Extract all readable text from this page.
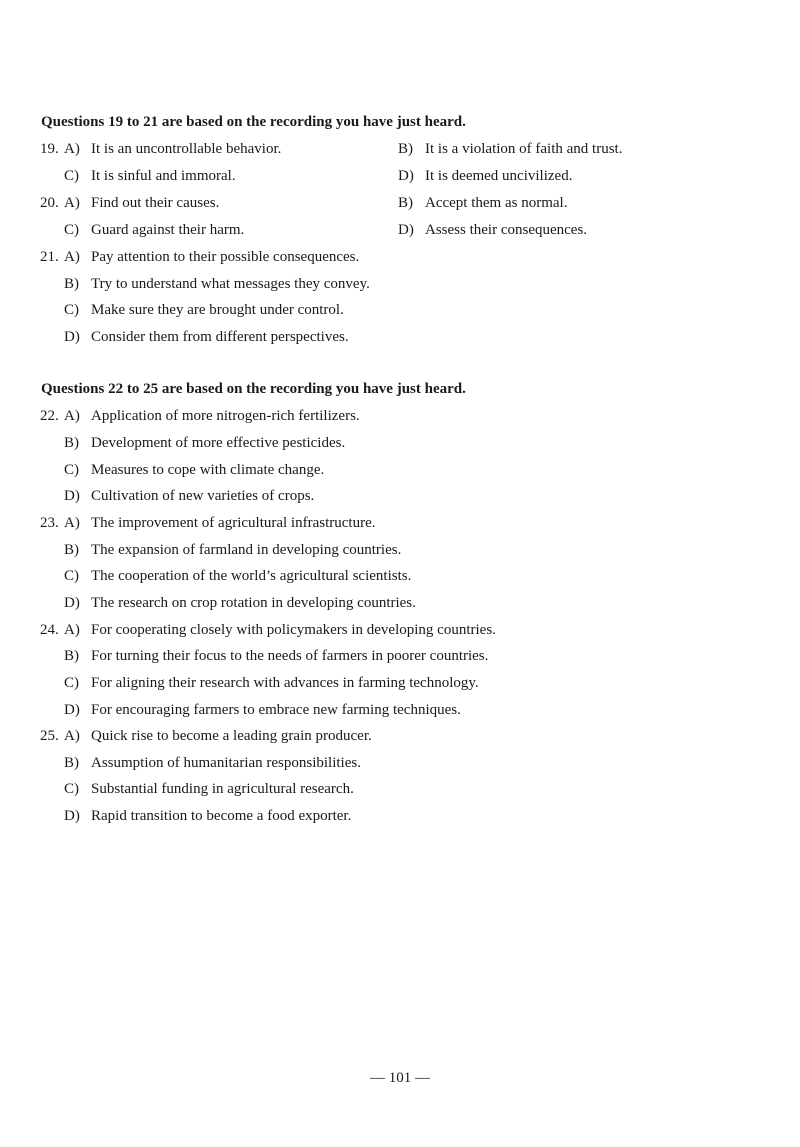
Questions 19 to 21 are based on the recording you have just heard.
19. A) It is an uncontrollable behavior.	B) It is a violation of faith and trust.
C) It is sinful and immoral.	D) It is deemed uncivilized.
20. A) Find out their causes.	B) Accept them as normal.
C) Guard against their harm.	D) Assess their consequences.
21. A) Pay attention to their possible consequences.
B) Try to understand what messages they convey.
C) Make sure they are brought under control.
D) Consider them from different perspectives.
Questions 22 to 25 are based on the recording you have just heard.
22. A) Application of more nitrogen-rich fertilizers.
B) Development of more effective pesticides.
C) Measures to cope with climate change.
D) Cultivation of new varieties of crops.
23. A) The improvement of agricultural infrastructure.
B) The expansion of farmland in developing countries.
C) The cooperation of the world’s agricultural scientists.
D) The research on crop rotation in developing countries.
24. A) For cooperating closely with policymakers in developing countries.
B) For turning their focus to the needs of farmers in poorer countries.
C) For aligning their research with advances in farming technology.
D) For encouraging farmers to embrace new farming techniques.
25. A) Quick rise to become a leading grain producer.
B) Assumption of humanitarian responsibilities.
C) Substantial funding in agricultural research.
D) Rapid transition to become a food exporter.
— 101 —
